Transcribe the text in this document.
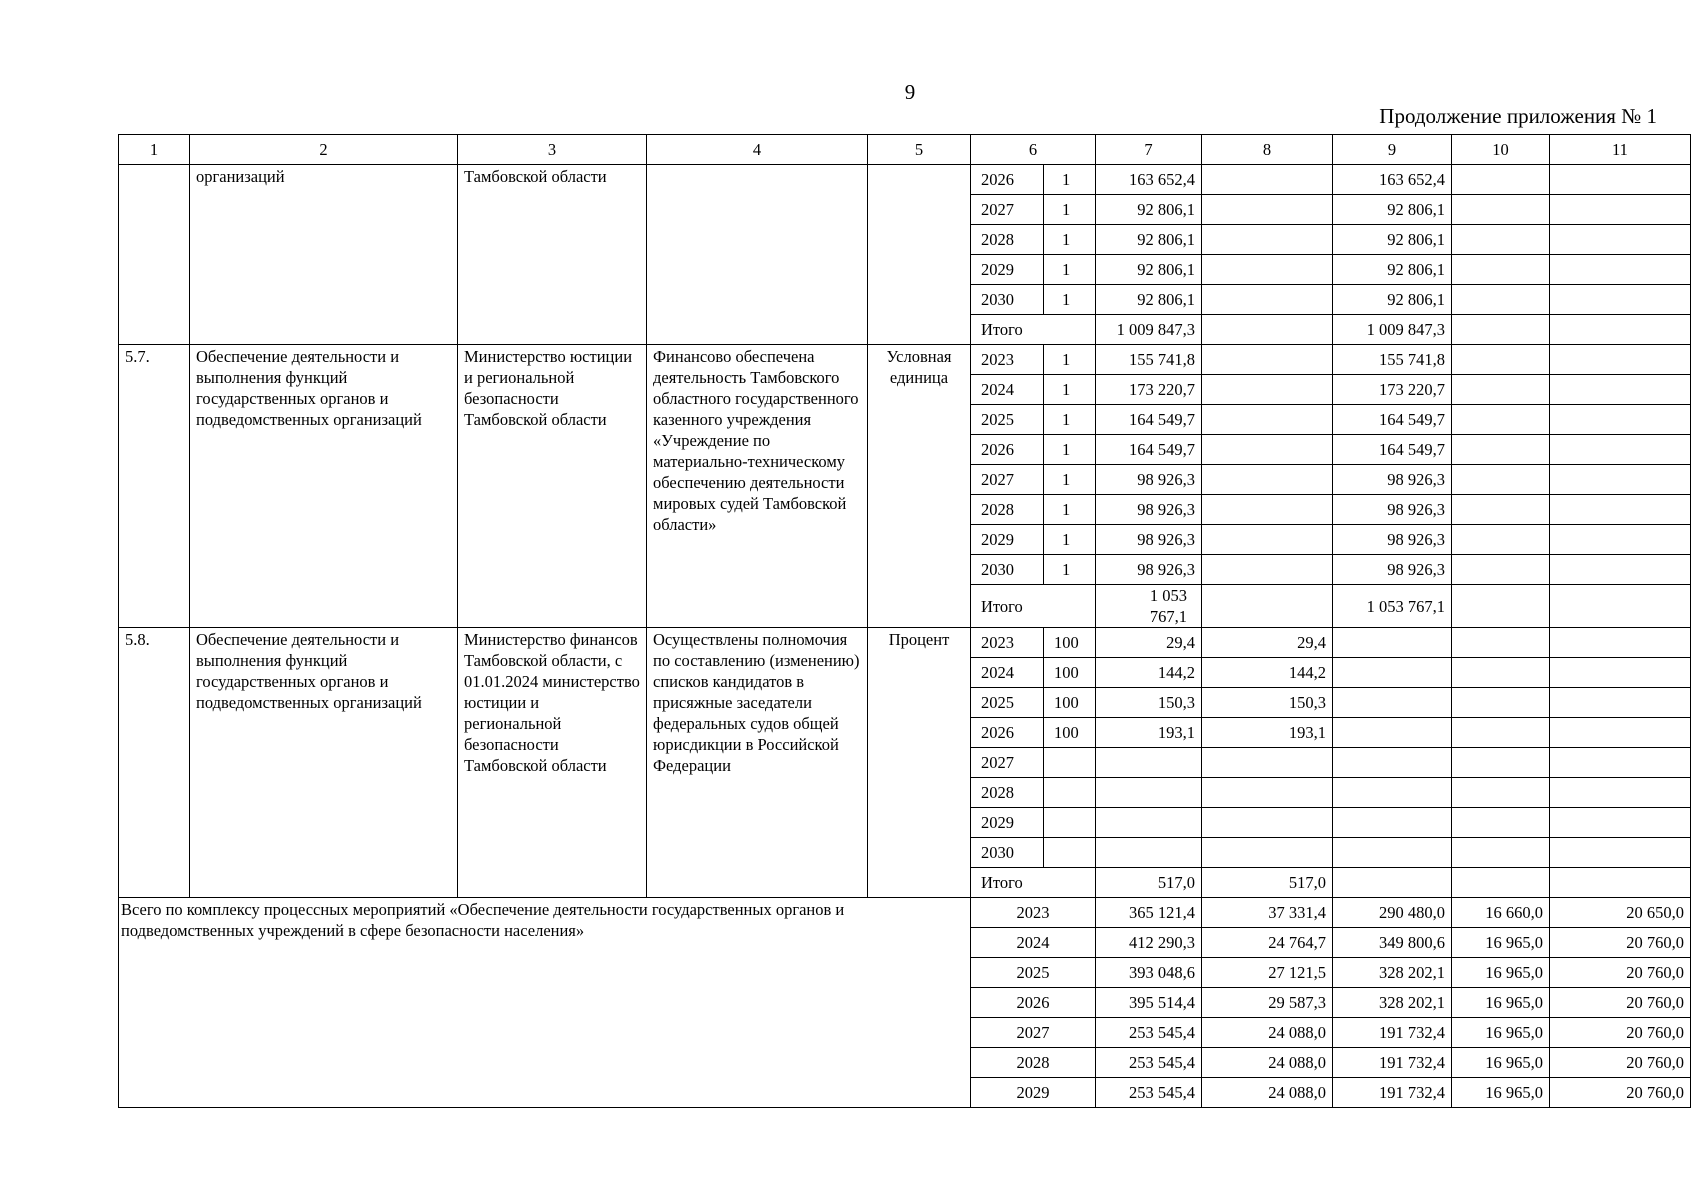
9
Продолжение приложения № 1
1	2	3	4	5	6		7	8	9	10	11
	организаций	Тамбовской области			2026	1	163 652,4		163 652,4		
					2027	1	92 806,1		92 806,1		
					2028	1	92 806,1		92 806,1		
					2029	1	92 806,1		92 806,1		
					2030	1	92 806,1		92 806,1		
					Итого		1 009 847,3		1 009 847,3		
5.7.	Обеспечение деятельности и выполнения функций государственных органов и подведомственных организаций	Министерство юстиции и региональной безопасности Тамбовской области	Финансово обеспечена деятельность Тамбовского областного государственного казенного учреждения «Учреждение по материально-техническому обеспечению деятельности мировых судей Тамбовской области»	Условная единица	2023	1	155 741,8		155 741,8		
					2024	1	173 220,7		173 220,7		
					2025	1	164 549,7		164 549,7		
					2026	1	164 549,7		164 549,7		
					2027	1	98 926,3		98 926,3		
					2028	1	98 926,3		98 926,3		
					2029	1	98 926,3		98 926,3		
					2030	1	98 926,3		98 926,3		
					Итого		1 053
767,1		1 053 767,1		
5.8.	Обеспечение деятельности и выполнения функций государственных органов и подведомственных организаций	Министерство финансов Тамбовской области, с 01.01.2024 министерство юстиции и региональной безопасности Тамбовской области	Осуществлены полномочия по составлению (изменению) списков кандидатов в присяжные заседатели федеральных судов общей юрисдикции в Российской Федерации	Процент	2023	100	29,4	29,4			
					2024	100	144,2	144,2			
					2025	100	150,3	150,3			
					2026	100	193,1	193,1			
					2027						
					2028						
					2029						
					2030						
					Итого		517,0	517,0			
Всего по комплексу процессных мероприятий «Обеспечение деятельности государственных органов и подведомственных учреждений в сфере безопасности населения»					2023		365 121,4	37 331,4	290 480,0	16 660,0	20 650,0
					2024		412 290,3	24 764,7	349 800,6	16 965,0	20 760,0
					2025		393 048,6	27 121,5	328 202,1	16 965,0	20 760,0
					2026		395 514,4	29 587,3	328 202,1	16 965,0	20 760,0
					2027		253 545,4	24 088,0	191 732,4	16 965,0	20 760,0
					2028		253 545,4	24 088,0	191 732,4	16 965,0	20 760,0
					2029		253 545,4	24 088,0	191 732,4	16 965,0	20 760,0
